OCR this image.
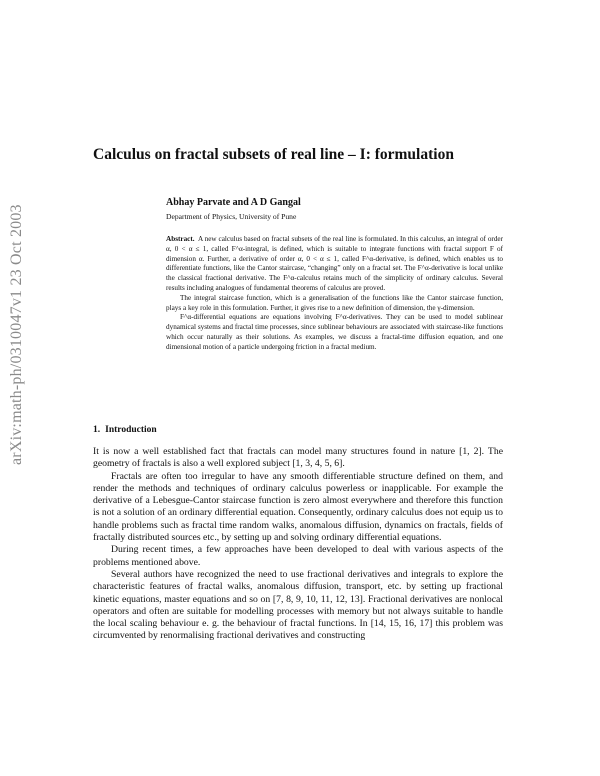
arXiv:math-ph/0310047v1 23 Oct 2003
Calculus on fractal subsets of real line – I: formulation
Abhay Parvate and A D Gangal
Department of Physics, University of Pune

Abstract. A new calculus based on fractal subsets of the real line is formulated. In this calculus, an integral of order α, 0 < α ≤ 1, called F^α-integral, is defined, which is suitable to integrate functions with fractal support F of dimension α. Further, a derivative of order α, 0 < α ≤ 1, called F^α-derivative, is defined, which enables us to differentiate functions, like the Cantor staircase, “changing” only on a fractal set. The F^α-derivative is local unlike the classical fractional derivative. The F^α-calculus retains much of the simplicity of ordinary calculus. Several results including analogues of fundamental theorems of calculus are proved.

The integral staircase function, which is a generalisation of the functions like the Cantor staircase function, plays a key role in this formulation. Further, it gives rise to a new definition of dimension, the γ-dimension.

F^α-differential equations are equations involving F^α-derivatives. They can be used to model sublinear dynamical systems and fractal time processes, since sublinear behaviours are associated with staircase-like functions which occur naturally as their solutions. As examples, we discuss a fractal-time diffusion equation, and one dimensional motion of a particle undergoing friction in a fractal medium.

1. Introduction

It is now a well established fact that fractals can model many structures found in nature [1, 2]. The geometry of fractals is also a well explored subject [1, 3, 4, 5, 6].

Fractals are often too irregular to have any smooth differentiable structure defined on them, and render the methods and techniques of ordinary calculus powerless or inapplicable. For example the derivative of a Lebesgue-Cantor staircase function is zero almost everywhere and therefore this function is not a solution of an ordinary differential equation. Consequently, ordinary calculus does not equip us to handle problems such as fractal time random walks, anomalous diffusion, dynamics on fractals, fields of fractally distributed sources etc., by setting up and solving ordinary differential equations.

During recent times, a few approaches have been developed to deal with various aspects of the problems mentioned above.

Several authors have recognized the need to use fractional derivatives and integrals to explore the characteristic features of fractal walks, anomalous diffusion, transport, etc. by setting up fractional kinetic equations, master equations and so on [7, 8, 9, 10, 11, 12, 13]. Fractional derivatives are nonlocal operators and often are suitable for modelling processes with memory but not always suitable to handle the local scaling behaviour e. g. the behaviour of fractal functions. In [14, 15, 16, 17] this problem was circumvented by renormalising fractional derivatives and constructing
